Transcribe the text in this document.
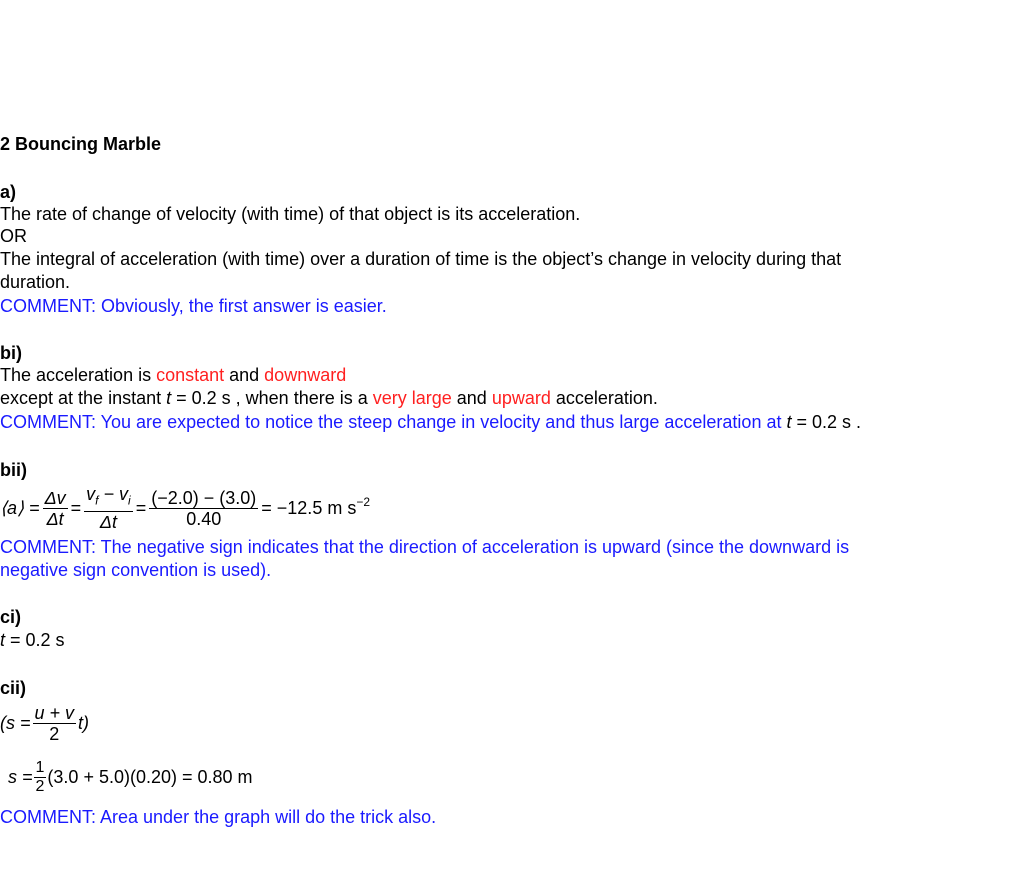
2 Bouncing Marble
a)
The rate of change of velocity (with time) of that object is its acceleration.
OR
The integral of acceleration (with time) over a duration of time is the object’s change in velocity during that
duration.
COMMENT: Obviously, the first answer is easier.
bi)
The acceleration is constant and downward
except at the instant t = 0.2 s , when there is a very large and upward acceleration.
COMMENT: You are expected to notice the steep change in velocity and thus large acceleration at t = 0.2 s .
bii)
⟨a⟩ = $\frac{\Delta v}{\Delta t} = \frac{v_f - v_i}{\Delta t} = \frac{(-2.0) - (3.0)}{0.40} = -12.5$ m $s^{-2}$
COMMENT: The negative sign indicates that the direction of acceleration is upward (since the downward is
negative sign convention is used).
ci)
t = 0.2 s
cii)
$(s = \frac{u + v}{2} t)$
$s = \frac{1}{2} (3.0 + 5.0)(0.20) = 0.80$ m
COMMENT: Area under the graph will do the trick also.
